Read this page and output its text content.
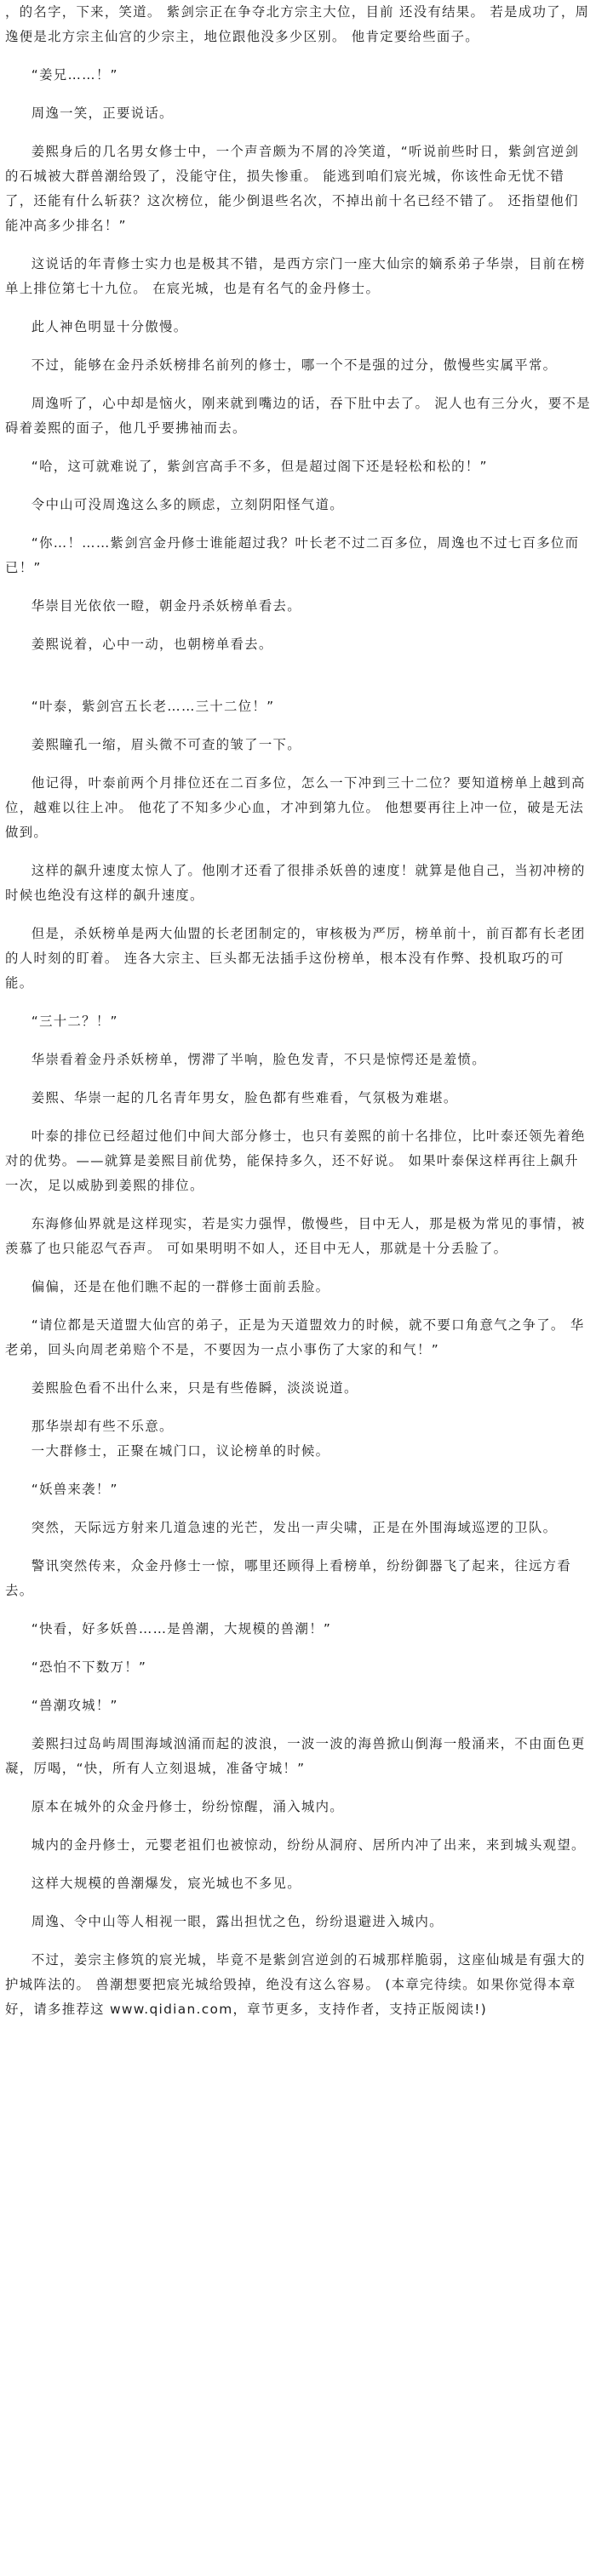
，的名字，下来，笑道。 紫剑宗正在争夺北方宗主大位，目前 还没有结果。 若是成功了，周逸便是北方宗主仙宫的少宗主，地位跟他没多少区别。 他肯定要给些面子。

“姜兄……！”

周逸一笑，正要说话。

姜熙身后的几名男女修士中，一个声音颇为不屑的冷笑道，“听说前些时日，紫剑宫逆剑的石城被大群兽潮给毁了，没能守住，损失惨重。 能逃到咱们宸光城，你该性命无忧不错了，还能有什么斩获？这次榜位，能少倒退些名次，不掉出前十名已经不错了。 还指望他们能冲高多少排名！”

这说话的年青修士实力也是极其不错，是西方宗门一座大仙宗的嫡系弟子华崇，目前在榜单上排位第七十九位。 在宸光城，也是有名气的金丹修士。

此人神色明显十分傲慢。

不过，能够在金丹杀妖榜排名前列的修士，哪一个不是强的过分，傲慢些实属平常。

周逸听了，心中却是恼火，刚来就到嘴边的话，吞下肚中去了。 泥人也有三分火，要不是碍着姜熙的面子，他几乎要拂袖而去。

“哈，这可就难说了，紫剑宫高手不多，但是超过阁下还是轻松和松的！”

令中山可没周逸这么多的顾虑，立刻阴阳怪气道。

“你…！……紫剑宫金丹修士谁能超过我？叶长老不过二百多位，周逸也不过七百多位而已！”

华崇目光依依一瞪，朝金丹杀妖榜单看去。

姜熙说着，心中一动，也朝榜单看去。

“叶泰，紫剑宫五长老……三十二位！”

姜熙瞳孔一缩，眉头微不可查的皱了一下。

他记得，叶泰前两个月排位还在二百多位，怎么一下冲到三十二位？要知道榜单上越到高位，越难以往上冲。 他花了不知多少心血，才冲到第九位。 他想要再往上冲一位，破是无法做到。

这样的飙升速度太惊人了。他刚才还看了很排杀妖兽的速度！就算是他自己，当初冲榜的时候也绝没有这样的飙升速度。

但是，杀妖榜单是两大仙盟的长老团制定的，审核极为严厉，榜单前十，前百都有长老团的人时刻的盯着。 连各大宗主、巨头都无法插手这份榜单，根本没有作弊、投机取巧的可能。

“三十二？！”

华崇看着金丹杀妖榜单，愣滞了半响，脸色发青，不只是惊愕还是羞愤。

姜熙、华崇一起的几名青年男女，脸色都有些难看，气氛极为难堪。

叶泰的排位已经超过他们中间大部分修士，也只有姜熙的前十名排位，比叶泰还领先着绝对的优势。——就算是姜熙目前优势，能保持多久，还不好说。 如果叶泰保这样再往上飙升一次，足以威胁到姜熙的排位。

东海修仙界就是这样现实，若是实力强悍，傲慢些，目中无人，那是极为常见的事情，被羡慕了也只能忍气吞声。 可如果明明不如人，还目中无人，那就是十分丢脸了。

偏偏，还是在他们瞧不起的一群修士面前丢脸。

“请位都是天道盟大仙宫的弟子，正是为天道盟效力的时候，就不要口角意气之争了。 华老弟，回头向周老弟赔个不是，不要因为一点小事伤了大家的和气！”

姜熙脸色看不出什么来，只是有些倦瞬，淡淡说道。

那华崇却有些不乐意。

一大群修士，正聚在城门口，议论榜单的时候。

“妖兽来袭！”

突然，天际远方射来几道急速的光芒，发出一声尖啸，正是在外围海域巡逻的卫队。

警讯突然传来，众金丹修士一惊，哪里还顾得上看榜单，纷纷御器飞了起来，往远方看去。

“快看，好多妖兽……是兽潮，大规模的兽潮！”

“恐怕不下数万！”

“兽潮攻城！”

姜熙扫过岛屿周围海域汹涌而起的波浪，一波一波的海兽掀山倒海一般涌来，不由面色更凝，厉喝，“快，所有人立刻退城，准备守城！”

原本在城外的众金丹修士，纷纷惊醒，涌入城内。

城内的金丹修士，元婴老祖们也被惊动，纷纷从洞府、居所内冲了出来，来到城头观望。

这样大规模的兽潮爆发，宸光城也不多见。

周逸、令中山等人相视一眼，露出担忧之色，纷纷退避进入城内。

不过，姜宗主修筑的宸光城，毕竟不是紫剑宫逆剑的石城那样脆弱，这座仙城是有强大的护城阵法的。 兽潮想要把宸光城给毁掉，绝没有这么容易。 (本章完待续。如果你觉得本章好，请多推荐这 www.qidian.com，章节更多，支持作者，支持正版阅读!)
